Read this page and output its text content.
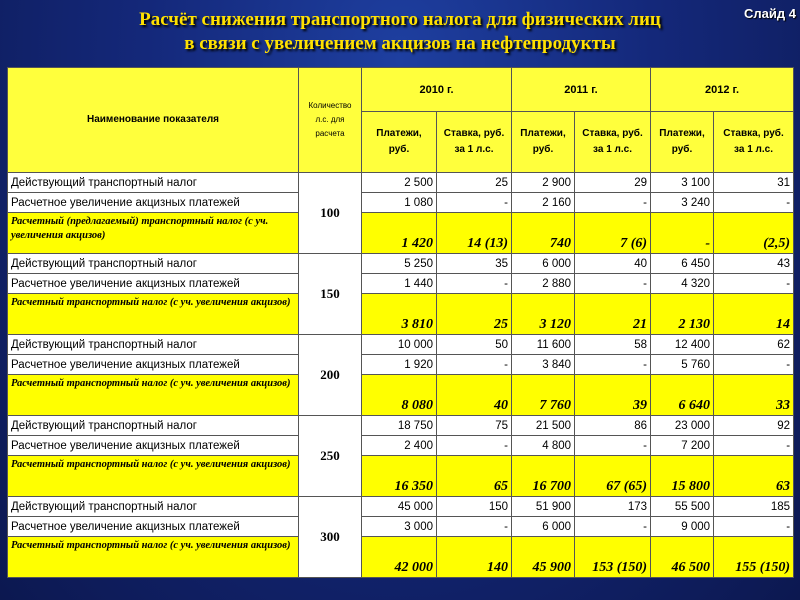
Расчёт снижения транспортного налога для физических лиц
в связи с увеличением акцизов на нефтепродукты
Слайд 4
Наименование показателя	Количество л.с. для расчета	2010 г.		2011 г.		2012 г.	
		Платежи, руб.	Ставка, руб. за 1 л.с.	Платежи, руб.	Ставка, руб. за 1 л.с.	Платежи, руб.	Ставка, руб. за 1 л.с.
Действующий транспортный налог	100	2 500	25	2 900	29	3 100	31
Расчетное увеличение акцизных платежей		1 080	-	2 160	-	3 240	-
Расчетный (предлагаемый) транспортный налог (с уч. увеличения акцизов)		1 420	14 (13)	740	7 (6)	-	(2,5)
Действующий транспортный налог	150	5 250	35	6 000	40	6 450	43
Расчетное увеличение акцизных платежей		1 440	-	2 880	-	4 320	-
Расчетный транспортный налог (с уч. увеличения акцизов)		3 810	25	3 120	21	2 130	14
Действующий транспортный налог	200	10 000	50	11 600	58	12 400	62
Расчетное увеличение акцизных платежей		1 920	-	3 840	-	5 760	-
Расчетный транспортный налог (с уч. увеличения акцизов)		8 080	40	7 760	39	6 640	33
Действующий транспортный налог	250	18 750	75	21 500	86	23 000	92
Расчетное увеличение акцизных платежей		2 400	-	4 800	-	7 200	-
Расчетный транспортный налог (с уч. увеличения акцизов)		16 350	65	16 700	67 (65)	15 800	63
Действующий транспортный налог	300	45 000	150	51 900	173	55 500	185
Расчетное увеличение акцизных платежей		3 000	-	6 000	-	9 000	-
Расчетный транспортный налог (с уч. увеличения акцизов)		42 000	140	45 900	153 (150)	46 500	155 (150)
